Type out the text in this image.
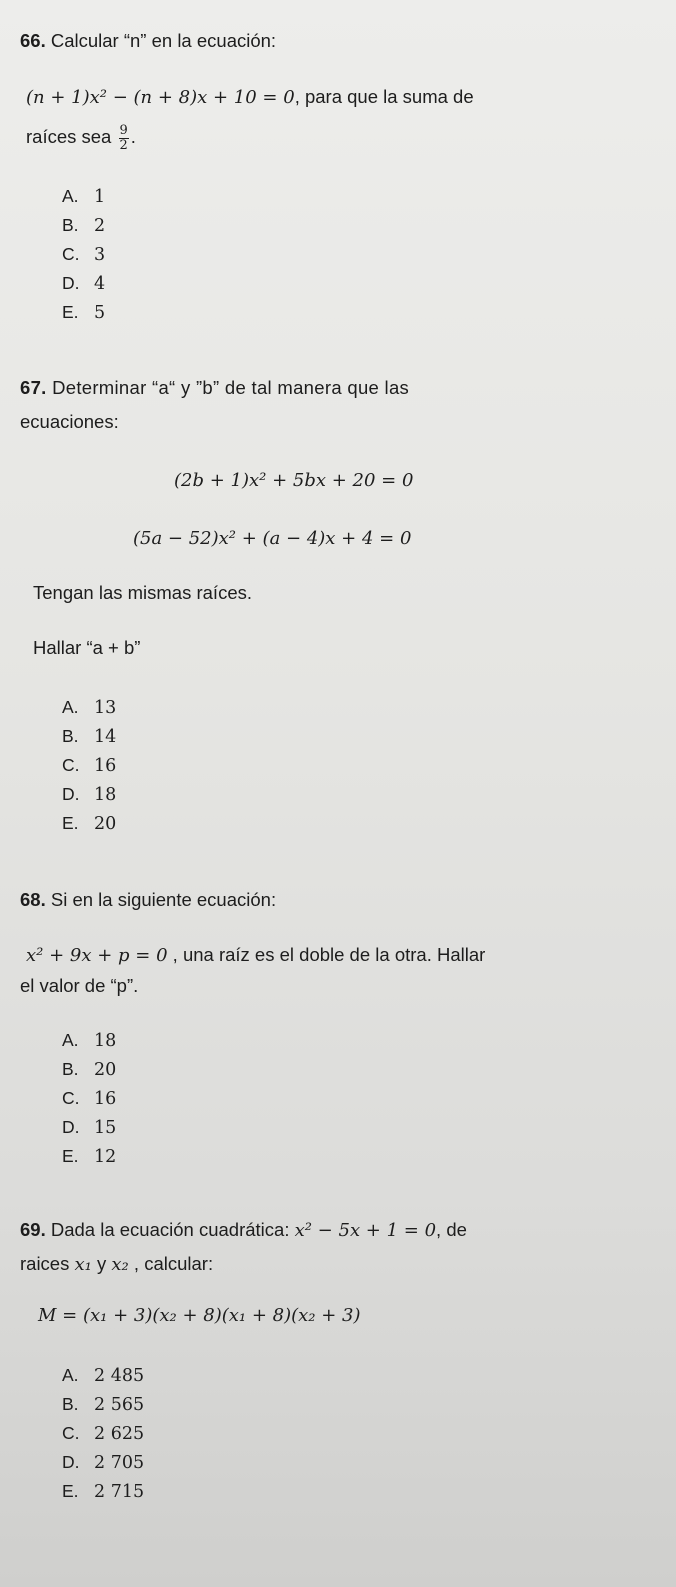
66. Calcular “n” en la ecuación:
(n + 1)x² − (n + 8)x + 10 = 0, para que la suma de
raíces sea $\frac{9}{2}$ .
A. 1
B. 2
C. 3
D. 4
E. 5
67. Determinar “a“ y ”b” de tal manera que las
ecuaciones:
(2b + 1)x² + 5bx + 20 = 0
(5a − 52)x² + (a − 4)x + 4 = 0
Tengan las mismas raíces.
Hallar “a + b”
A. 13
B. 14
C. 16
D. 18
E. 20
68. Si en la siguiente ecuación:
x² + 9x + p = 0 , una raíz es el doble de la otra. Hallar
el valor de “p”.
A. 18
B. 20
C. 16
D. 15
E. 12
69. Dada la ecuación cuadrática: x² − 5x + 1 = 0, de
raices x₁ y x₂ , calcular:
M = (x₁ + 3)(x₂ + 8)(x₁ + 8)(x₂ + 3)
A. 2 485
B. 2 565
C. 2 625
D. 2 705
E. 2 715
